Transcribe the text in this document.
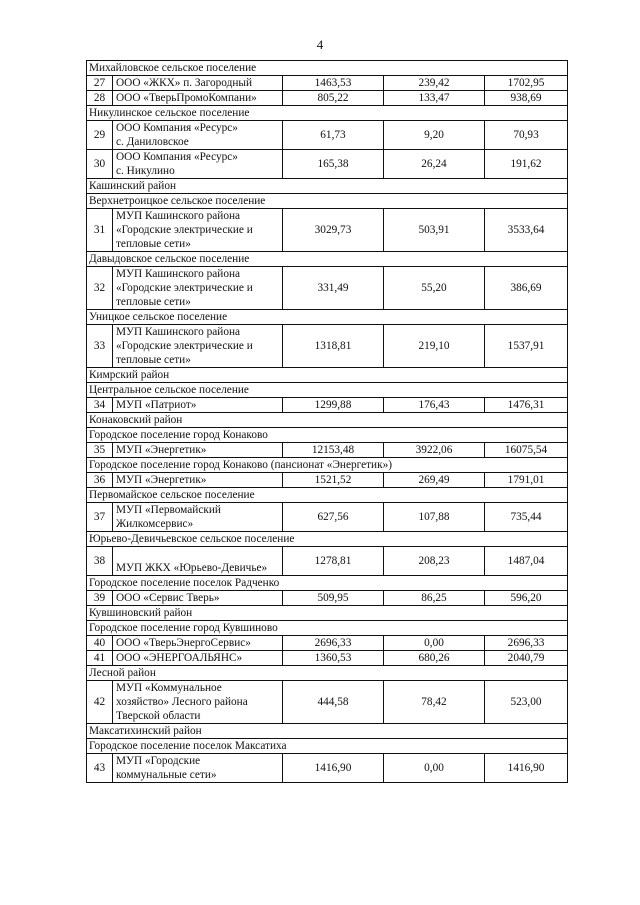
4
Михайловское сельское поселение				
27	ООО «ЖКХ» п. Загородный	1463,53	239,42	1702,95
28	ООО «ТверьПромоКомпани»	805,22	133,47	938,69
Никулинское сельское поселение				
29	ООО Компания «Ресурс»
с. Даниловское	61,73	9,20	70,93
30	ООО Компания «Ресурс»
с. Никулино	165,38	26,24	191,62
Кашинский район				
Верхнетроицкое сельское поселение				
31	МУП Кашинского района
«Городские электрические и
тепловые сети»	3029,73	503,91	3533,64
Давыдовское сельское поселение				
32	МУП Кашинского района
«Городские электрические и
тепловые сети»	331,49	55,20	386,69
Уницкое сельское поселение				
33	МУП Кашинского района
«Городские электрические и
тепловые сети»	1318,81	219,10	1537,91
Кимрский район				
Центральное сельское поселение				
34	МУП «Патриот»	1299,88	176,43	1476,31
Конаковский район				
Городское поселение город Конаково				
35	МУП «Энергетик»	12153,48	3922,06	16075,54
Городское поселение город Конаково (пансионат «Энергетик»)				
36	МУП «Энергетик»	1521,52	269,49	1791,01
Первомайское сельское поселение				
37	МУП «Первомайский
Жилкомсервис»	627,56	107,88	735,44
Юрьево-Девичьевское сельское поселение				
38	
МУП ЖКХ «Юрьево-Девичье»	1278,81	208,23	1487,04
Городское поселение поселок Радченко				
39	ООО «Сервис Тверь»	509,95	86,25	596,20
Кувшиновский район				
Городское поселение город Кувшиново				
40	ООО «ТверьЭнергоСервис»	2696,33	0,00	2696,33
41	ООО «ЭНЕРГОАЛЬЯНС»	1360,53	680,26	2040,79
Лесной район				
42	МУП «Коммунальное
хозяйство» Лесного района
Тверской области	444,58	78,42	523,00
Максатихинский район				
Городское поселение поселок Максатиха				
43	МУП «Городские
коммунальные сети»	1416,90	0,00	1416,90
